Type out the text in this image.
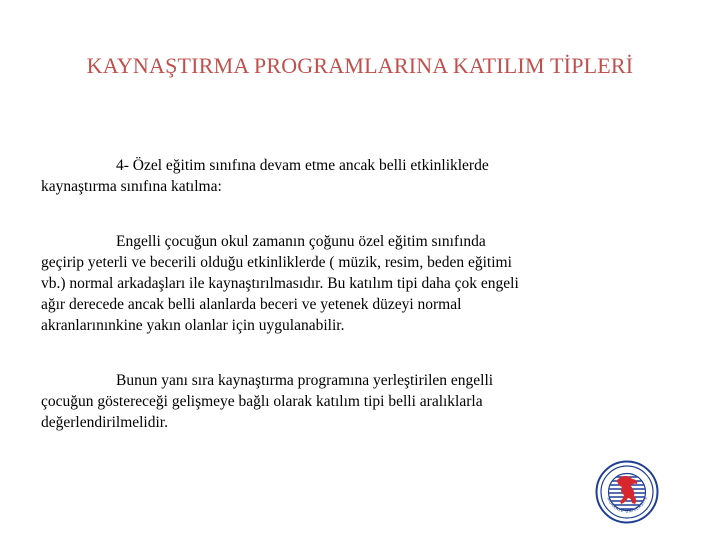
KAYNAŞTIRMA PROGRAMLARINA KATILIM TİPLERİ
4- Özel eğitim sınıfına devam etme ancak belli etkinliklerde
kaynaştırma sınıfına katılma:
Engelli çocuğun okul zamanın çoğunu özel eğitim sınıfında
geçirip yeterli ve becerili olduğu etkinliklerde ( müzik, resim, beden eğitimi
vb.) normal arkadaşları ile kaynaştırılmasıdır. Bu katılım tipi daha çok engeli
ağır derecede ancak belli alanlarda beceri ve yetenek düzeyi normal
akranlarınınkine yakın olanlar için uygulanabilir.
Bunun yanı sıra kaynaştırma programına yerleştirilen engelli
çocuğun göstereceği gelişmeye bağlı olarak katılım tipi belli aralıklarla
değerlendirilmelidir.
MUKKALE ÜNİVERSİTE
